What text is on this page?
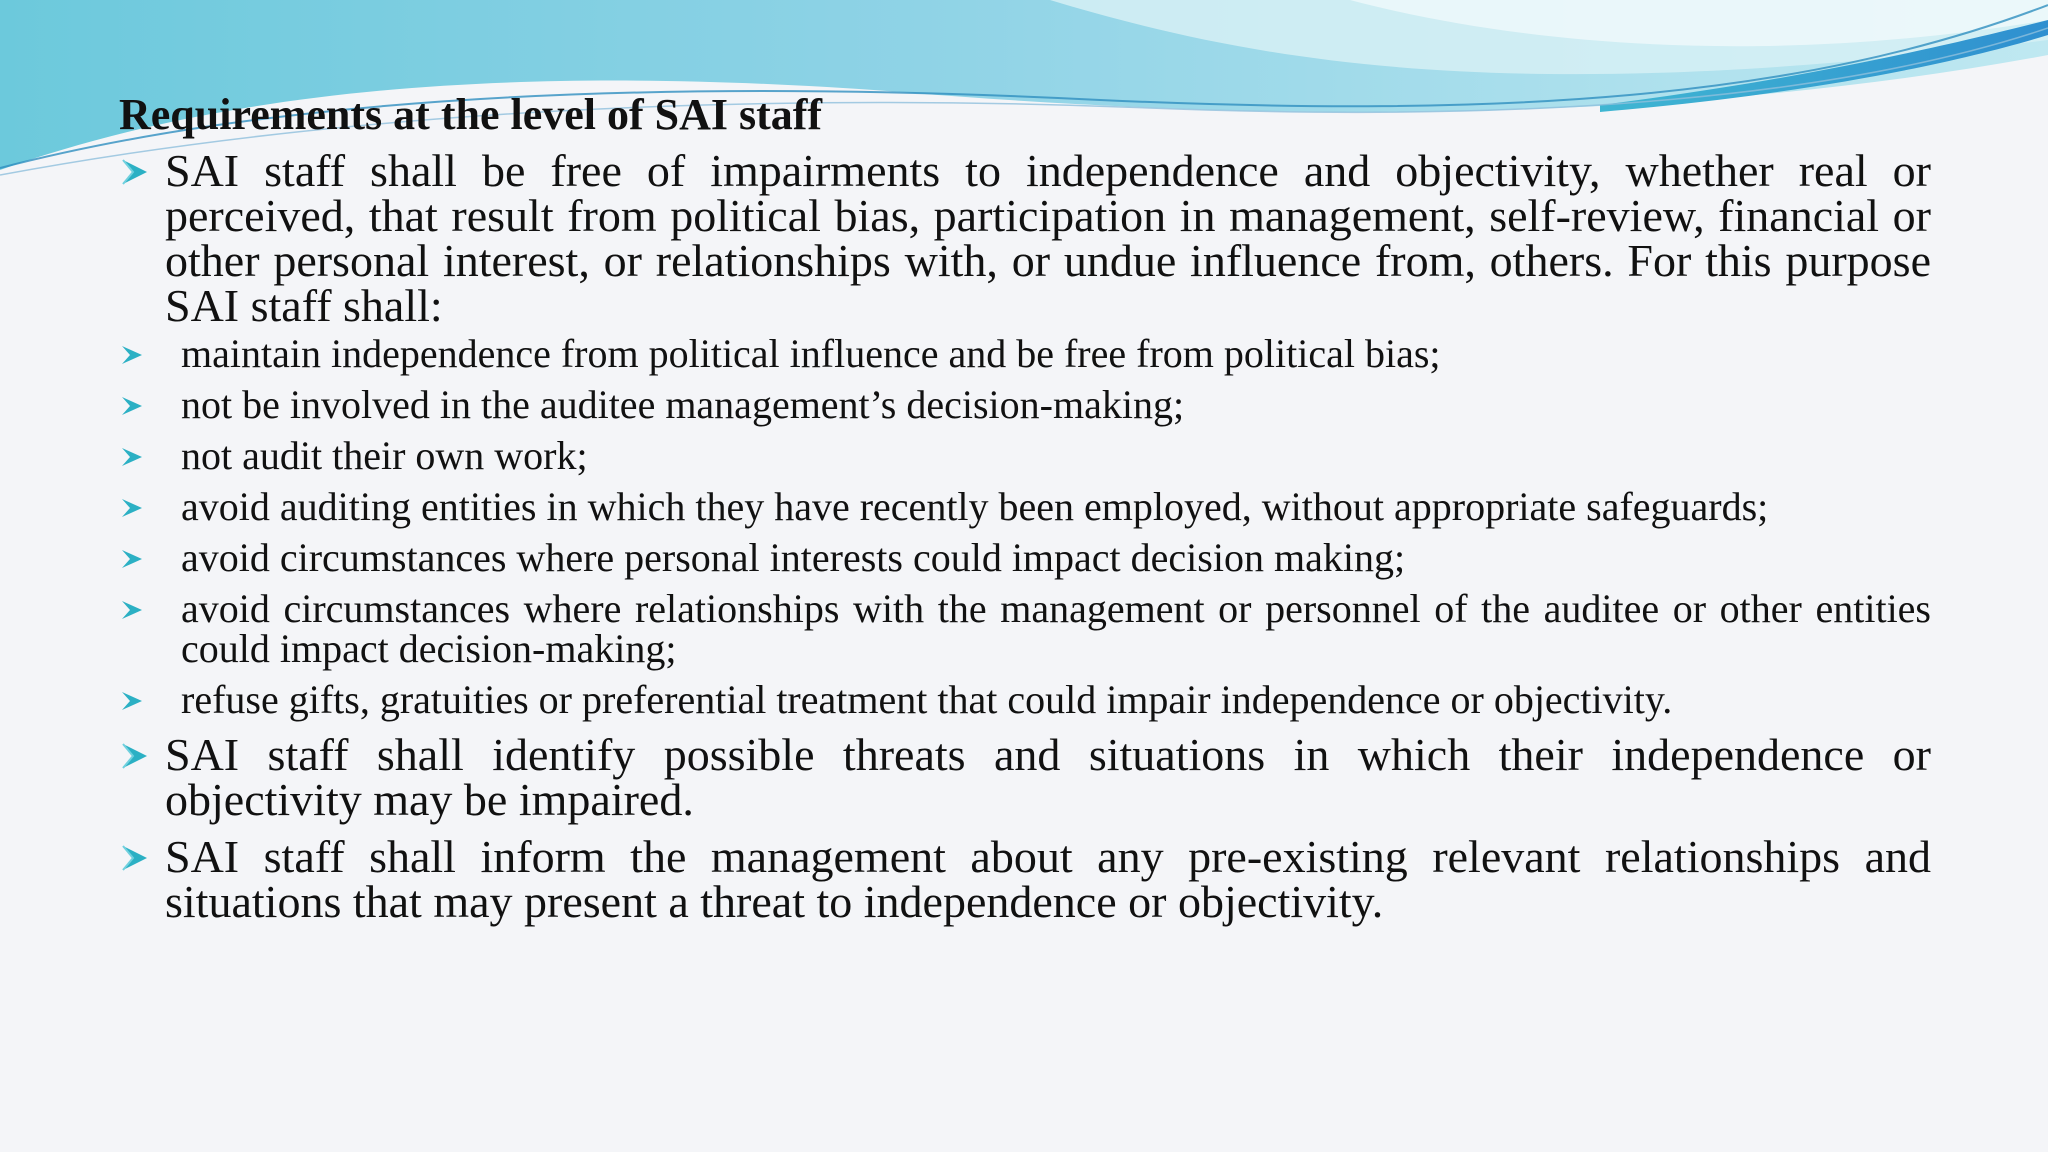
Requirements at the level of SAI staff
SAI staff shall be free of impairments to independence and objectivity, whether real or perceived, that result from political bias, participation in management, self-review, financial or other personal interest, or relationships with, or undue influence from, others. For this purpose SAI staff shall:
maintain independence from political influence and be free from political bias;
not be involved in the auditee management’s decision-making;
not audit their own work;
avoid auditing entities in which they have recently been employed, without appropriate safeguards;
avoid circumstances where personal interests could impact decision making;
avoid circumstances where relationships with the management or personnel of the auditee or other entities could impact decision-making;
refuse gifts, gratuities or preferential treatment that could impair independence or objectivity.
SAI staff shall identify possible threats and situations in which their independence or objectivity may be impaired.
SAI staff shall inform the management about any pre-existing relevant relationships and situations that may present a threat to independence or objectivity.
